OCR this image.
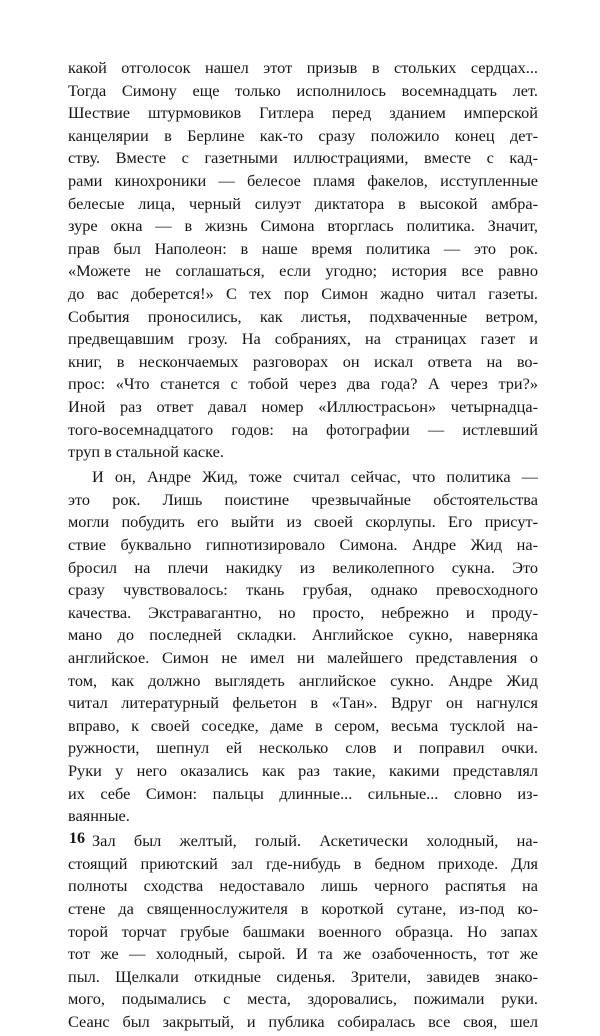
какой отголосок нашел этот призыв в стольких сердцах...
Тогда Симону еще только исполнилось восемнадцать лет.
Шествие штурмовиков Гитлера перед зданием имперской
канцелярии в Берлине как-то сразу положило конец дет-
ству. Вместе с газетными иллюстрациями, вместе с кад-
рами кинохроники — белесое пламя факелов, исступленные
белесые лица, черный силуэт диктатора в высокой амбра-
зуре окна — в жизнь Симона вторглась политика. Значит,
прав был Наполеон: в наше время политика — это рок.
«Можете не соглашаться, если угодно; история все равно
до вас доберется!» С тех пор Симон жадно читал газеты.
События проносились, как листья, подхваченные ветром,
предвещавшим грозу. На собраниях, на страницах газет и
книг, в нескончаемых разговорах он искал ответа на во-
прос: «Что станется с тобой через два года? А через три?»
Иной раз ответ давал номер «Иллюстрасьон» четырнадца-
того-восемнадцатого годов: на фотографии — истлевший
труп в стальной каске.
И он, Андре Жид, тоже считал сейчас, что политика —
это рок. Лишь поистине чрезвычайные обстоятельства
могли побудить его выйти из своей скорлупы. Его присут-
ствие буквально гипнотизировало Симона. Андре Жид на-
бросил на плечи накидку из великолепного сукна. Это
сразу чувствовалось: ткань грубая, однако превосходного
качества. Экстравагантно, но просто, небрежно и проду-
мано до последней складки. Английское сукно, наверняка
английское. Симон не имел ни малейшего представления о
том, как должно выглядеть английское сукно. Андре Жид
читал литературный фельетон в «Тан». Вдруг он нагнулся
вправо, к своей соседке, даме в сером, весьма тусклой на-
ружности, шепнул ей несколько слов и поправил очки.
Руки у него оказались как раз такие, какими представлял
их себе Симон: пальцы длинные... сильные... словно из-
ваянные.
Зал был желтый, голый. Аскетически холодный, на-
стоящий приютский зал где-нибудь в бедном приходе. Для
полноты сходства недоставало лишь черного распятья на
стене да священнослужителя в короткой сутане, из-под ко-
торой торчат грубые башмаки военного образца. Но запах
тот же — холодный, сырой. И та же озабоченность, тот же
пыл. Щелкали откидные сиденья. Зрители, завидев знако-
мого, подымались с места, здоровались, пожимали руки.
Сеанс был закрытый, и публика собиралась все своя, шел
16
